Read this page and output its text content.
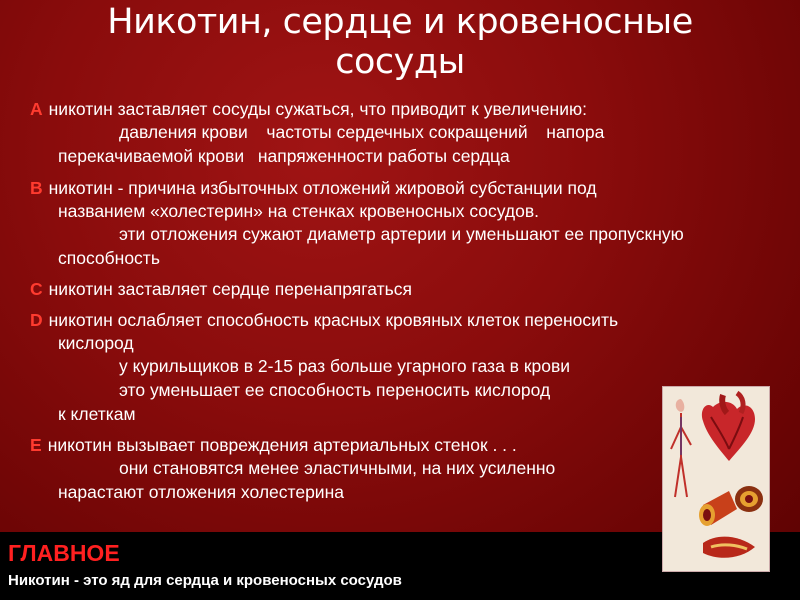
Никотин, сердце и кровеносные сосуды
A никотин заставляет сосуды сужаться, что приводит к увеличению:
давления крови частоты сердечных сокращений напора
перекачиваемой крови напряженности работы сердца
B никотин - причина избыточных отложений жировой субстанции под
названием «холестерин» на стенках кровеносных сосудов.
эти отложения сужают диаметр артерии и уменьшают ее пропускную
способность
C никотин заставляет сердце перенапрягаться
D никотин ослабляет способность красных кровяных клеток переносить
кислород
у курильщиков в 2-15 раз больше угарного газа в крови
это уменьшает ее способность переносить кислород
к клеткам
E никотин вызывает повреждения артериальных стенок . . .
они становятся менее эластичными, на них усиленно
нарастают отложения холестерина
ГЛАВНОЕ
Никотин - это яд для сердца и кровеносных сосудов
